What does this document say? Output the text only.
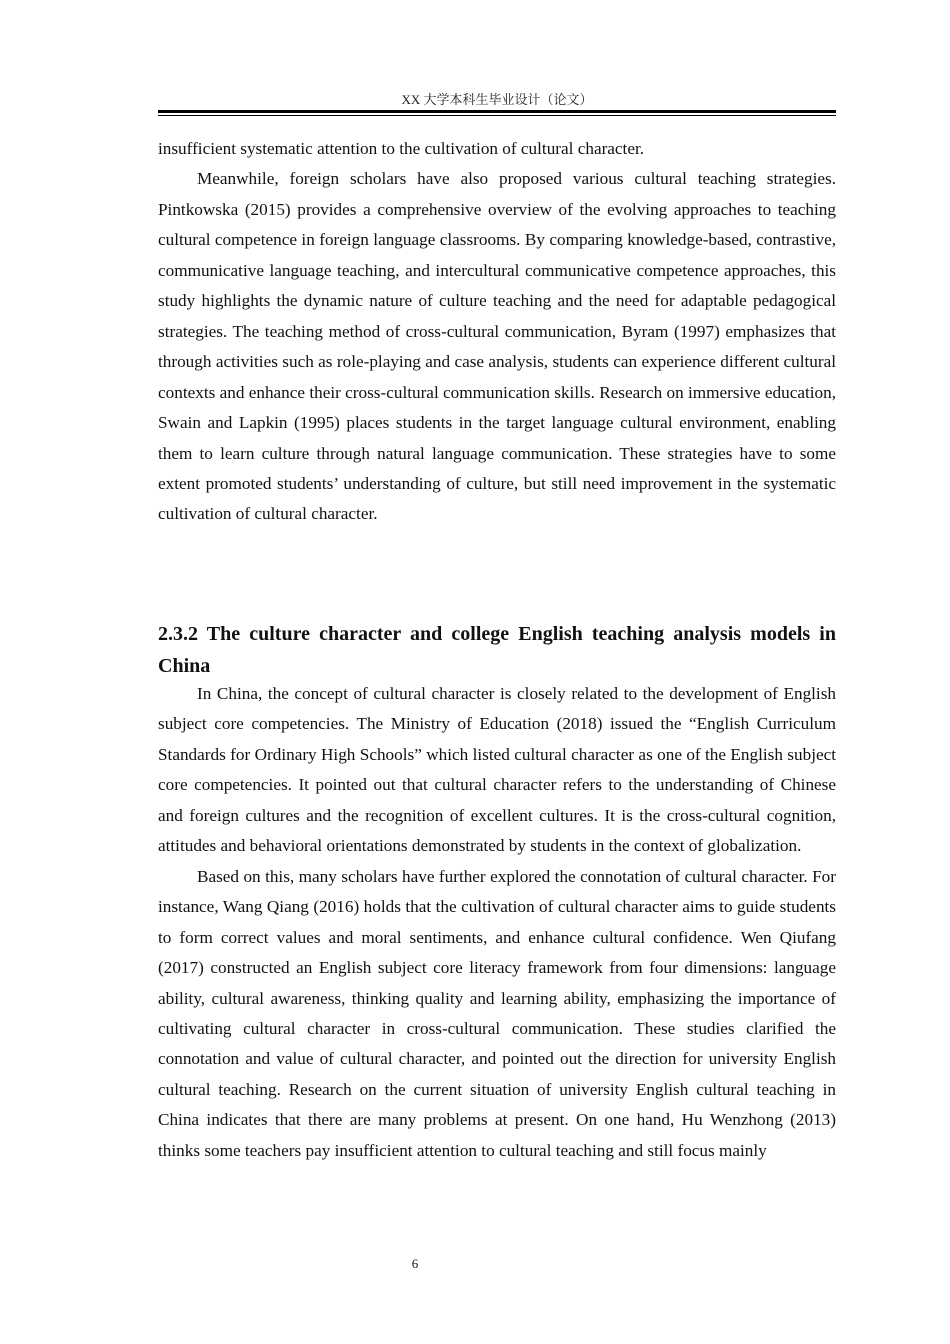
XX 大学本科生毕业设计（论文）

insufficient systematic attention to the cultivation of cultural character.

Meanwhile, foreign scholars have also proposed various cultural teaching strategies. Pintkowska (2015) provides a comprehensive overview of the evolving approaches to teaching cultural competence in foreign language classrooms. By comparing knowledge-based, contrastive, communicative language teaching, and intercultural communicative competence approaches, this study highlights the dynamic nature of culture teaching and the need for adaptable pedagogical strategies. The teaching method of cross-cultural communication, Byram (1997) emphasizes that through activities such as role-playing and case analysis, students can experience different cultural contexts and enhance their cross-cultural communication skills. Research on immersive education, Swain and Lapkin (1995) places students in the target language cultural environment, enabling them to learn culture through natural language communication. These strategies have to some extent promoted students’ understanding of culture, but still need improvement in the systematic cultivation of cultural character.

2.3.2 The culture character and college English teaching analysis models in China

In China, the concept of cultural character is closely related to the development of English subject core competencies. The Ministry of Education (2018) issued the “English Curriculum Standards for Ordinary High Schools” which listed cultural character as one of the English subject core competencies. It pointed out that cultural character refers to the understanding of Chinese and foreign cultures and the recognition of excellent cultures. It is the cross-cultural cognition, attitudes and behavioral orientations demonstrated by students in the context of globalization.

Based on this, many scholars have further explored the connotation of cultural character. For instance, Wang Qiang (2016) holds that the cultivation of cultural character aims to guide students to form correct values and moral sentiments, and enhance cultural confidence. Wen Qiufang (2017) constructed an English subject core literacy framework from four dimensions: language ability, cultural awareness, thinking quality and learning ability, emphasizing the importance of cultivating cultural character in cross-cultural communication. These studies clarified the connotation and value of cultural character, and pointed out the direction for university English cultural teaching. Research on the current situation of university English cultural teaching in China indicates that there are many problems at present. On one hand, Hu Wenzhong (2013) thinks some teachers pay insufficient attention to cultural teaching and still focus mainly

6
